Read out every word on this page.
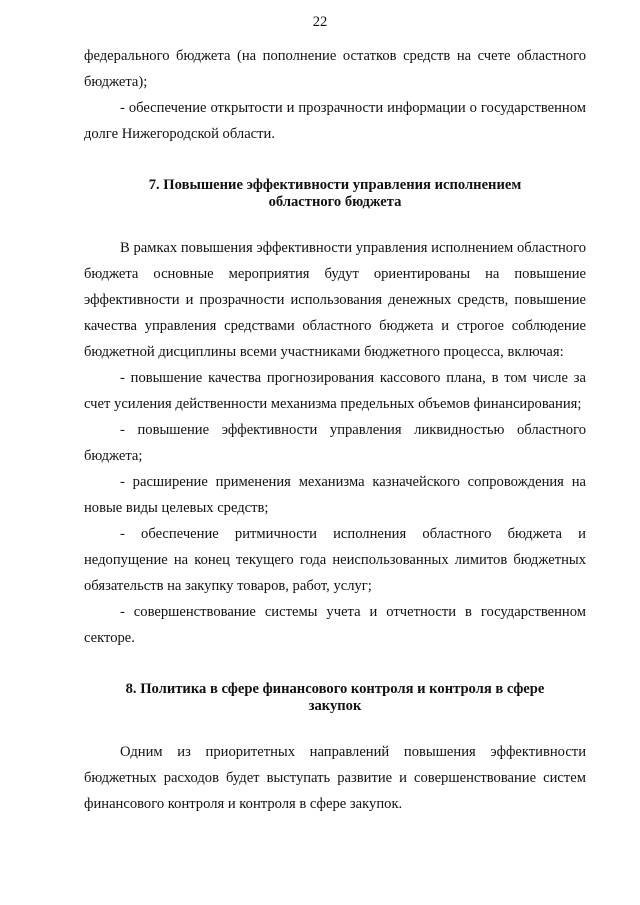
22

федерального бюджета (на пополнение остатков средств на счете областного бюджета);

- обеспечение открытости и прозрачности информации о государственном долге Нижегородской области.

7. Повышение эффективности управления исполнением
областного бюджета

В рамках повышения эффективности управления исполнением областного бюджета основные мероприятия будут ориентированы на повышение эффективности и прозрачности использования денежных средств, повышение качества управления средствами областного бюджета и строгое соблюдение бюджетной дисциплины всеми участниками бюджетного процесса, включая:

- повышение качества прогнозирования кассового плана, в том числе за счет усиления действенности механизма предельных объемов финансирования;

- повышение эффективности управления ликвидностью областного бюджета;

- расширение применения механизма казначейского сопровождения на новые виды целевых средств;

- обеспечение ритмичности исполнения областного бюджета и недопущение на конец текущего года неиспользованных лимитов бюджетных обязательств на закупку товаров, работ, услуг;

- совершенствование системы учета и отчетности в государственном секторе.

8. Политика в сфере финансового контроля и контроля в сфере
закупок

Одним из приоритетных направлений повышения эффективности бюджетных расходов будет выступать развитие и совершенствование систем финансового контроля и контроля в сфере закупок.
